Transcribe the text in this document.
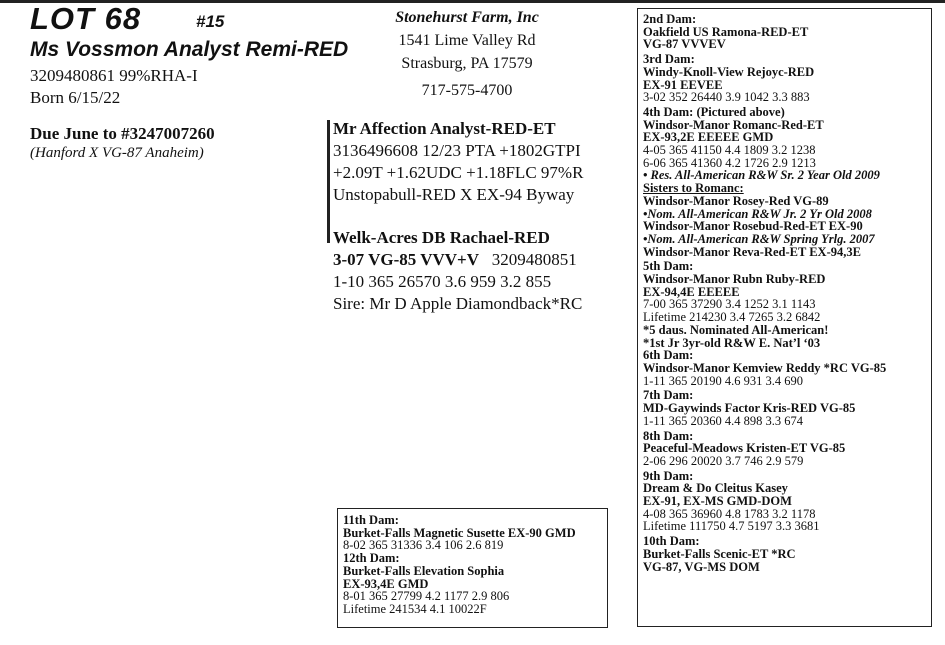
LOT 68	#15
Ms Vossmon Analyst Remi-RED
3209480861 99%RHA-I
Born 6/15/22
Due June to #3247007260
(Hanford X VG-87 Anaheim)
Stonehurst Farm, Inc
1541 Lime Valley Rd
Strasburg, PA 17579
717-575-4700
Mr Affection Analyst-RED-ET
3136496608 12/23 PTA +1802GTPI
+2.09T +1.62UDC +1.18FLC 97%R
Unstopabull-RED X EX-94 Byway
Welk-Acres DB Rachael-RED
3-07 VG-85 VVV+V 3209480851
1-10 365 26570 3.6 959 3.2 855
Sire: Mr D Apple Diamondback*RC
2nd Dam:
Oakfield US Ramona-RED-ET
VG-87 VVVEV
3rd Dam:
Windy-Knoll-View Rejoyc-RED
EX-91 EEVEE
3-02 352 26440 3.9 1042 3.3 883
4th Dam: (Pictured above)
Windsor-Manor Romanc-Red-ET
EX-93,2E EEEEE GMD
4-05 365 41150 4.4 1809 3.2 1238
6-06 365 41360 4.2 1726 2.9 1213
• Res. All-American R&W Sr. 2 Year Old 2009
Sisters to Romanc:
Windsor-Manor Rosey-Red VG-89
•Nom. All-American R&W Jr. 2 Yr Old 2008
Windsor-Manor Rosebud-Red-ET EX-90
•Nom. All-American R&W Spring Yrlg. 2007
Windsor-Manor Reva-Red-ET EX-94,3E
5th Dam:
Windsor-Manor Rubn Ruby-RED
EX-94,4E EEEEE
7-00 365 37290 3.4 1252 3.1 1143
Lifetime 214230 3.4 7265 3.2 6842
*5 daus. Nominated All-American!
*1st Jr 3yr-old R&W E. Nat’l ‘03
6th Dam:
Windsor-Manor Kemview Reddy *RC VG-85
1-11 365 20190 4.6 931 3.4 690
7th Dam:
MD-Gaywinds Factor Kris-RED VG-85
1-11 365 20360 4.4 898 3.3 674
8th Dam:
Peaceful-Meadows Kristen-ET VG-85
2-06 296 20020 3.7 746 2.9 579
9th Dam:
Dream & Do Cleitus Kasey
EX-91, EX-MS GMD-DOM
4-08 365 36960 4.8 1783 3.2 1178
Lifetime 111750 4.7 5197 3.3 3681
10th Dam:
Burket-Falls Scenic-ET *RC
VG-87, VG-MS DOM
11th Dam:
Burket-Falls Magnetic Susette EX-90 GMD
8-02 365 31336 3.4 106 2.6 819
12th Dam:
Burket-Falls Elevation Sophia
EX-93,4E GMD
8-01 365 27799 4.2 1177 2.9 806
Lifetime 241534 4.1 10022F
